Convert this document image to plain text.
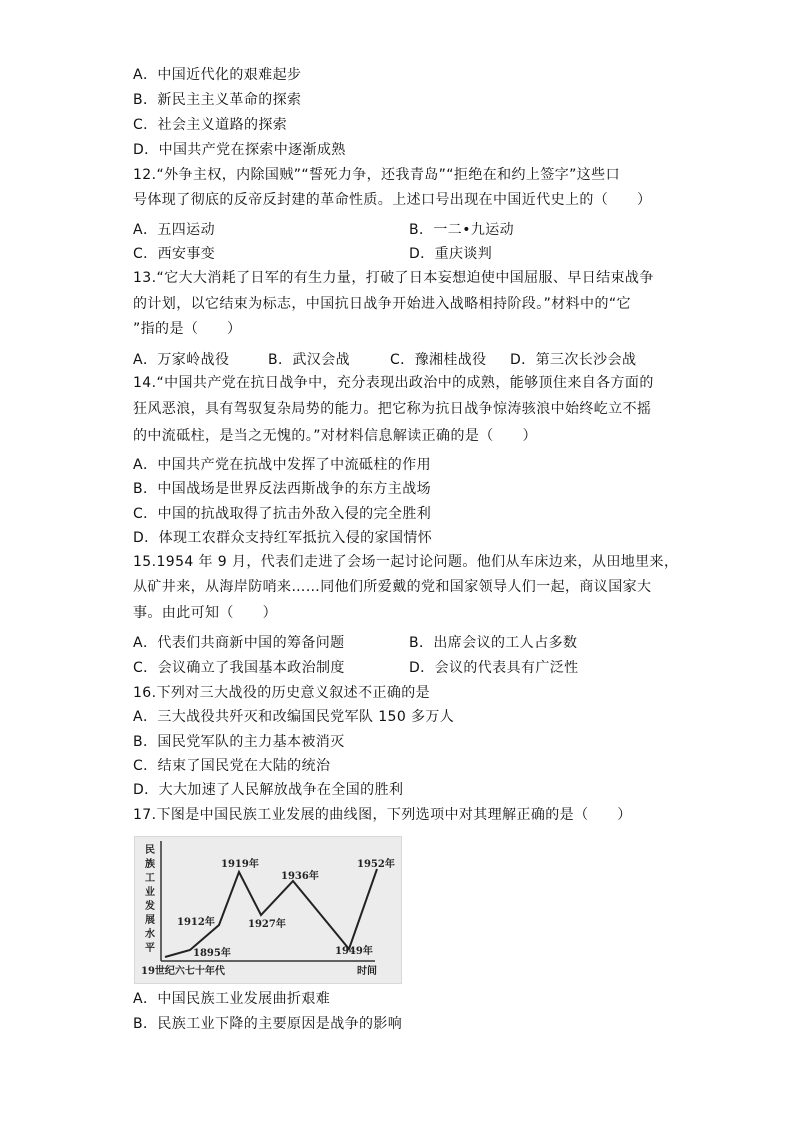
A．中国近代化的艰难起步
B．新民主主义革命的探索
C．社会主义道路的探索
D．中国共产党在探索中逐渐成熟
12.“外争主权，内除国贼”“誓死力争，还我青岛”“拒绝在和约上签字”这些口
号体现了彻底的反帝反封建的革命性质。上述口号出现在中国近代史上的（　　）
A．五四运动	B．一二•九运动
C．西安事变	D．重庆谈判
13.“它大大消耗了日军的有生力量，打破了日本妄想迫使中国屈服、早日结束战争
的计划，以它结束为标志，中国抗日战争开始进入战略相持阶段。”材料中的“它
”指的是（　　）
A．万家岭战役	B．武汉会战	C．豫湘桂战役 D．第三次长沙会战
14.“中国共产党在抗日战争中，充分表现出政治中的成熟，能够顶住来自各方面的
狂风恶浪，具有驾驭复杂局势的能力。把它称为抗日战争惊涛骇浪中始终屹立不摇
的中流砥柱，是当之无愧的。”对材料信息解读正确的是（　　）
A．中国共产党在抗战中发挥了中流砥柱的作用
B．中国战场是世界反法西斯战争的东方主战场
C．中国的抗战取得了抗击外敌入侵的完全胜利
D．体现工农群众支持红军抵抗入侵的家国情怀
15.1954 年 9 月，代表们走进了会场一起讨论问题。他们从车床边来，从田地里来，
从矿井来，从海岸防哨来……同他们所爱戴的党和国家领导人们一起，商议国家大
事。由此可知（　　）
A．代表们共商新中国的筹备问题	B．出席会议的工人占多数
C．会议确立了我国基本政治制度	D．会议的代表具有广泛性
16.下列对三大战役的历史意义叙述不正确的是
A．三大战役共歼灭和改编国民党军队 150 多万人
B．国民党军队的主力基本被消灭
C．结束了国民党在大陆的统治
D．大大加速了人民解放战争在全国的胜利
17.下图是中国民族工业发展的曲线图，下列选项中对其理解正确的是（　　）
民
族
工
业
发
展
水
平	1895年
1912年
1919年
1927年
1936年
1949年
1952年
19世纪六七十年代	时间
A．中国民族工业发展曲折艰难
B．民族工业下降的主要原因是战争的影响
